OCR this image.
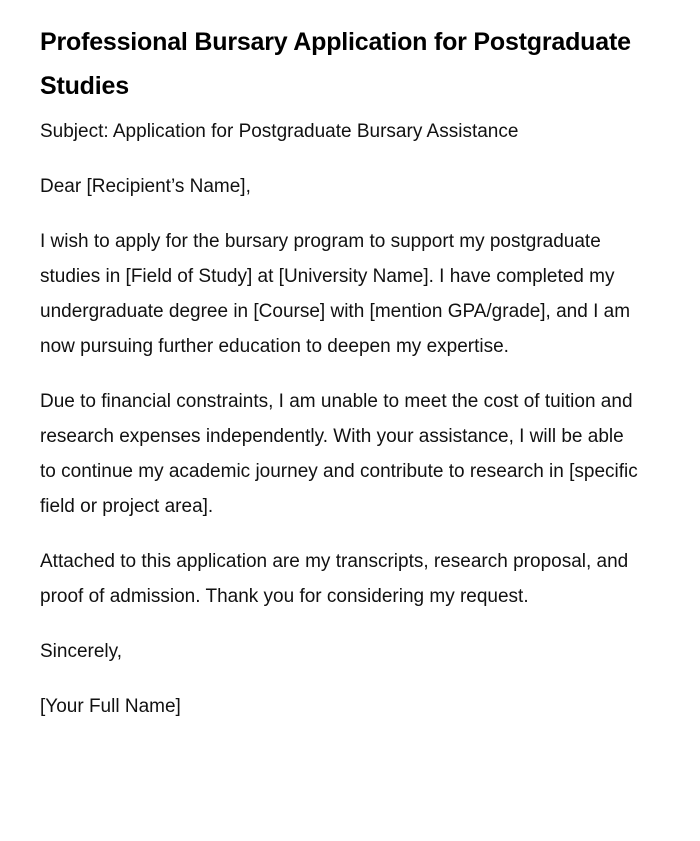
Professional Bursary Application for Postgraduate Studies

Subject: Application for Postgraduate Bursary Assistance

Dear [Recipient’s Name],

I wish to apply for the bursary program to support my postgraduate studies in [Field of Study] at [University Name]. I have completed my undergraduate degree in [Course] with [mention GPA/grade], and I am now pursuing further education to deepen my expertise.

Due to financial constraints, I am unable to meet the cost of tuition and research expenses independently. With your assistance, I will be able to continue my academic journey and contribute to research in [specific field or project area].

Attached to this application are my transcripts, research proposal, and proof of admission. Thank you for considering my request.

Sincerely,

[Your Full Name]
